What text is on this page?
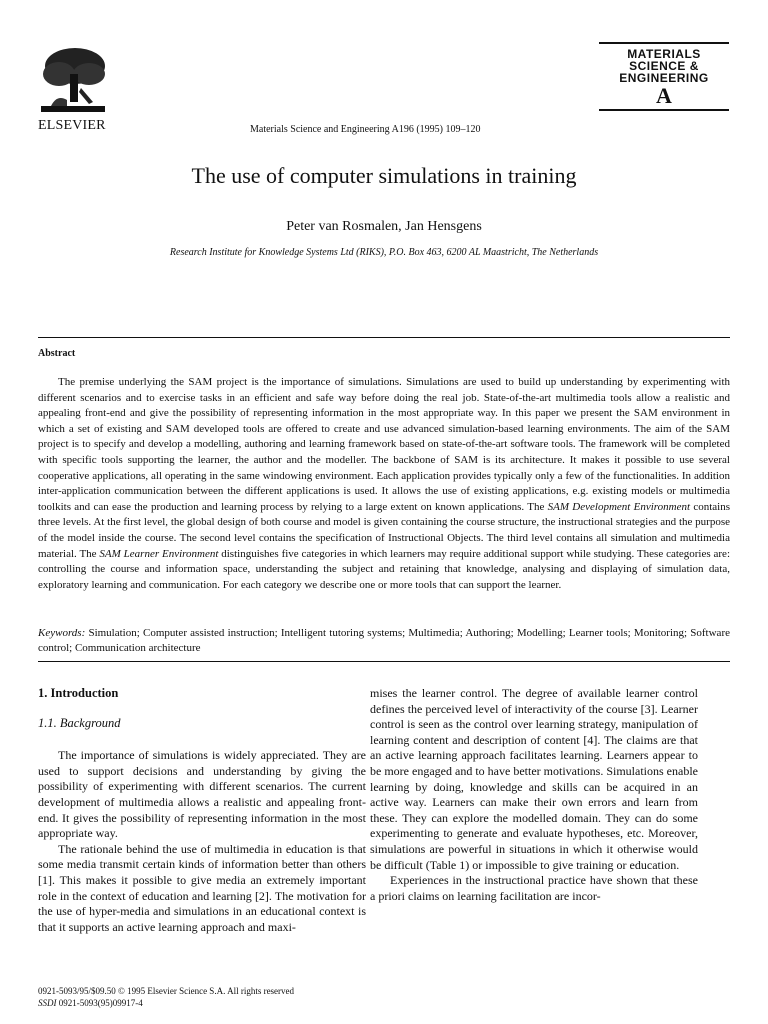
ELSEVIER	Materials Science and Engineering A196 (1995) 109–120
MATERIALS
SCIENCE &
ENGINEERING
A
The use of computer simulations in training
Peter van Rosmalen, Jan Hensgens
Research Institute for Knowledge Systems Ltd (RIKS), P.O. Box 463, 6200 AL Maastricht, The Netherlands
Abstract
The premise underlying the SAM project is the importance of simulations. Simulations are used to build up understanding by experimenting with different scenarios and to exercise tasks in an efficient and safe way before doing the real job. State-of-the-art multimedia tools allow a realistic and appealing front-end and give the possibility of representing information in the most appropriate way. In this paper we present the SAM environment in which a set of existing and SAM developed tools are offered to create and use advanced simulation-based learning environments. The aim of the SAM project is to specify and develop a modelling, authoring and learning framework based on state-of-the-art software tools. The framework will be completed with specific tools supporting the learner, the author and the modeller. The backbone of SAM is its architecture. It makes it possible to use several cooperative applications, all operating in the same windowing environment. Each application provides typically only a few of the functionalities. In addition inter-application communication between the different applications is used. It allows the use of existing applications, e.g. existing models or multimedia toolkits and can ease the production and learning process by relying to a large extent on known applications. The SAM Development Environment contains three levels. At the first level, the global design of both course and model is given containing the course structure, the instructional strategies and the purpose of the model inside the course. The second level contains the specification of Instructional Objects. The third level contains all simulation and multimedia material. The SAM Learner Environment distinguishes five categories in which learners may require additional support while studying. These categories are: controlling the course and information space, understanding the subject and retaining that knowledge, analysing and displaying of simulation data, exploratory learning and communication. For each category we describe one or more tools that can support the learner.
Keywords: Simulation; Computer assisted instruction; Intelligent tutoring systems; Multimedia; Authoring; Modelling; Learner tools; Monitoring; Software control; Communication architecture
1. Introduction
1.1. Background

The importance of simulations is widely appreciated. They are used to support decisions and understanding by giving the possibility of experimenting with different scenarios. The current development of multimedia allows a realistic and appealing front-end. It gives the possibility of representing information in the most appropriate way.

The rationale behind the use of multimedia in education is that some media transmit certain kinds of information better than others [1]. This makes it possible to give media an extremely important role in the context of education and learning [2]. The motivation for the use of hyper-media and simulations in an educational context is that it supports an active learning approach and maxi-

mises the learner control. The degree of available learner control defines the perceived level of interactivity of the course [3]. Learner control is seen as the control over learning strategy, manipulation of learning content and description of content [4]. The claims are that an active learning approach facilitates learning. Learners appear to be more engaged and to have better motivations. Simulations enable learning by doing, knowledge and skills can be acquired in an active way. Learners can make their own errors and learn from these. They can explore the modelled domain. They can do some experimenting to generate and evaluate hypotheses, etc. Moreover, simulations are powerful in situations in which it otherwise would be difficult (Table 1) or impossible to give training or education.

Experiences in the instructional practice have shown that these a priori claims on learning facilitation are incor-

0921-5093/95/$09.50 © 1995 Elsevier Science S.A. All rights reserved
SSDI 0921-5093(95)09917-4
